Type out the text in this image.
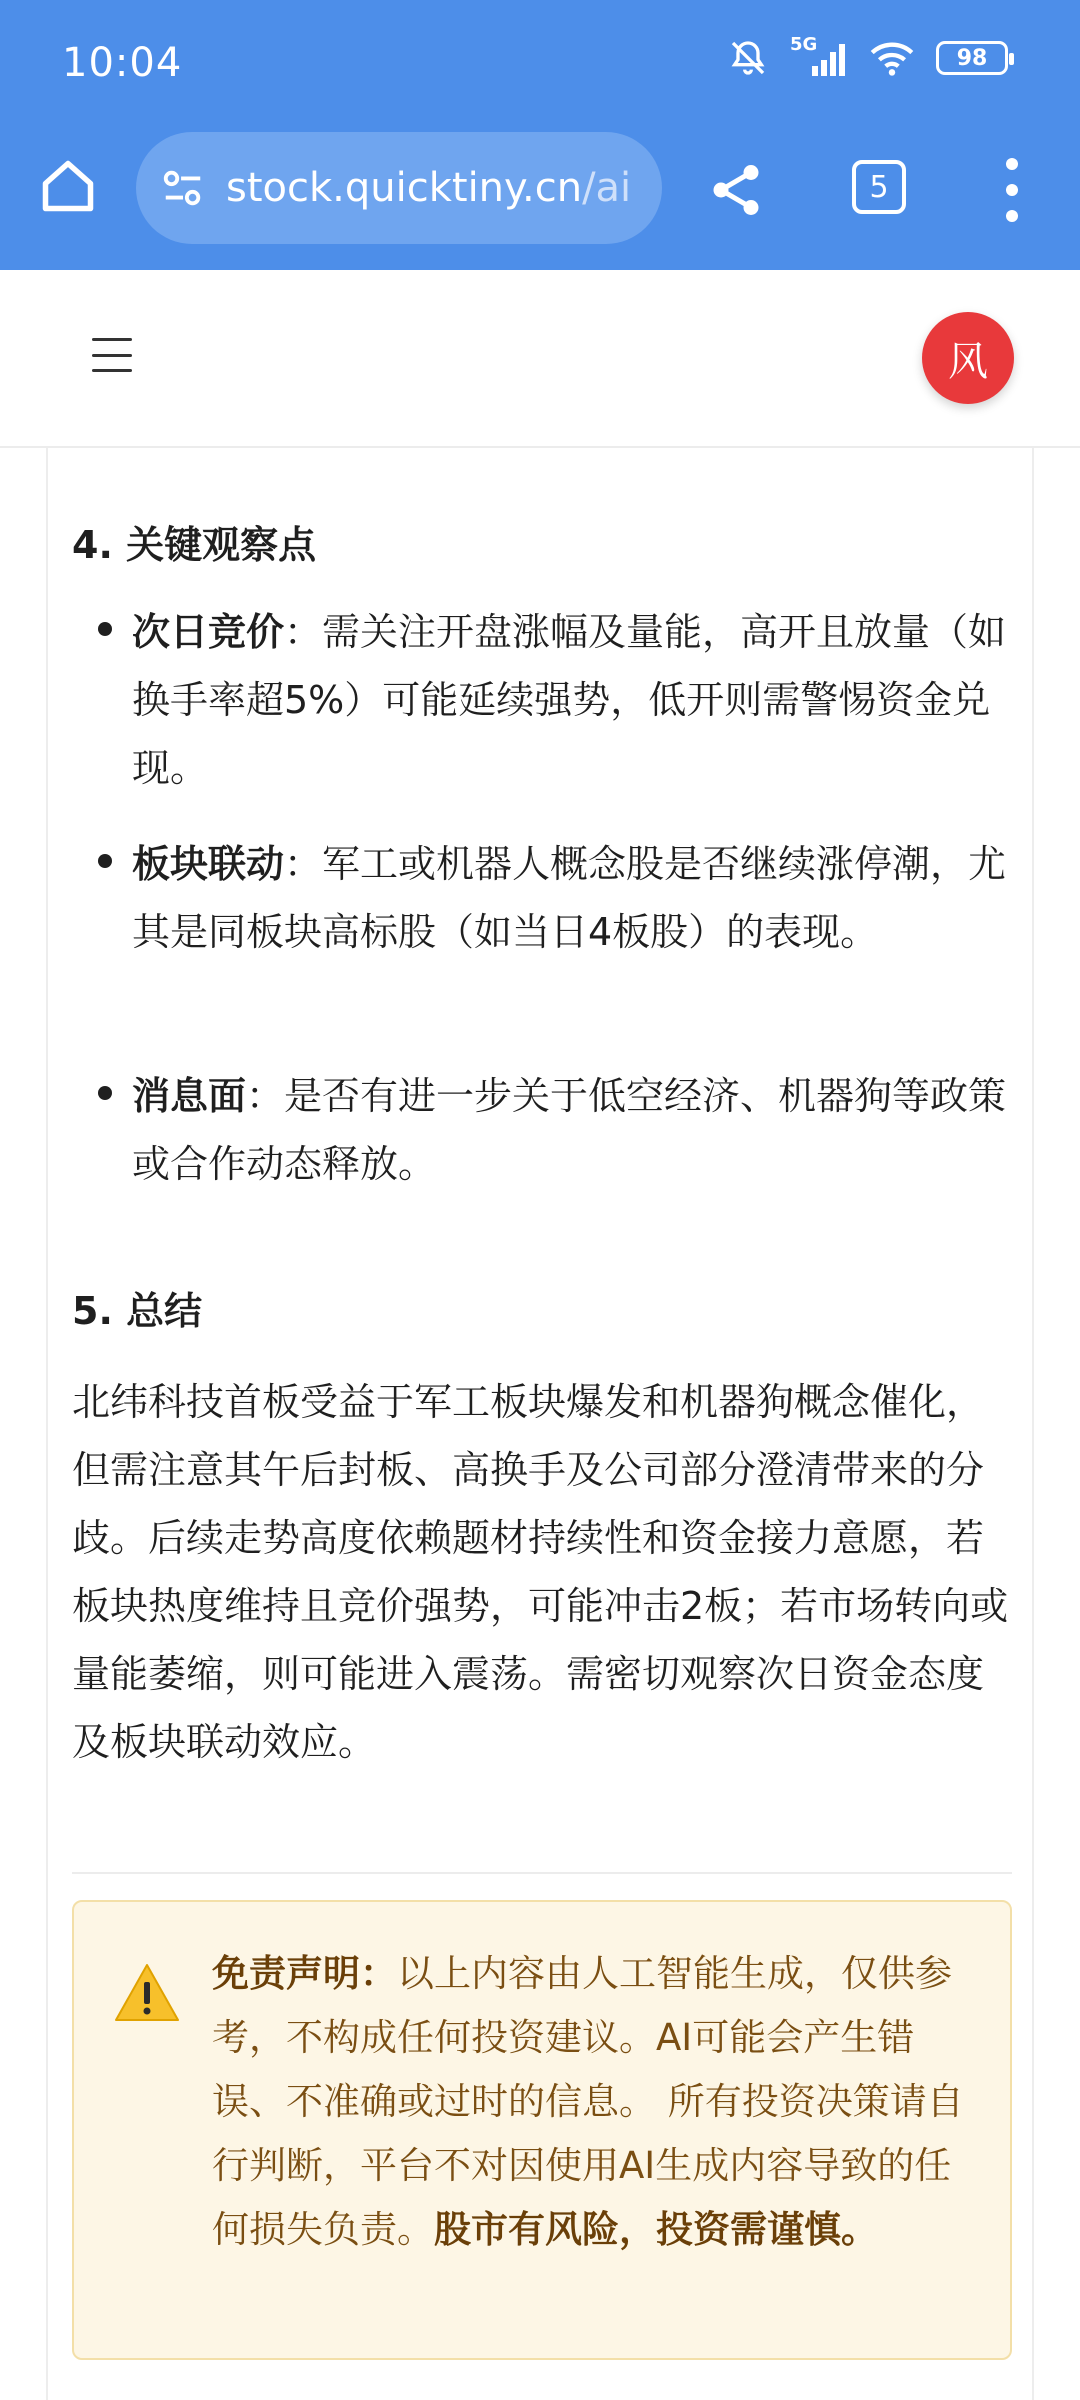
10:04	5G
98
stock.quicktiny.cn/ai	5
风
4. 关键观察点
次日竞价：需关注开盘涨幅及量能，高开且放量（如换手率超5%）可能延续强势，低开则需警惕资金兑现。
板块联动：军工或机器人概念股是否继续涨停潮，尤其是同板块高标股（如当日4板股）的表现。
消息面：是否有进一步关于低空经济、机器狗等政策或合作动态释放。
5. 总结
北纬科技首板受益于军工板块爆发和机器狗概念催化，但需注意其午后封板、高换手及公司部分澄清带来的分歧。后续走势高度依赖题材持续性和资金接力意愿，若板块热度维持且竞价强势，可能冲击2板；若市场转向或量能萎缩，则可能进入震荡。需密切观察次日资金态度及板块联动效应。
免责声明：以上内容由人工智能生成，仅供参考，不构成任何投资建议。AI可能会产生错误、不准确或过时的信息。 所有投资决策请自行判断，平台不对因使用AI生成内容导致的任何损失负责。股市有风险，投资需谨慎。
